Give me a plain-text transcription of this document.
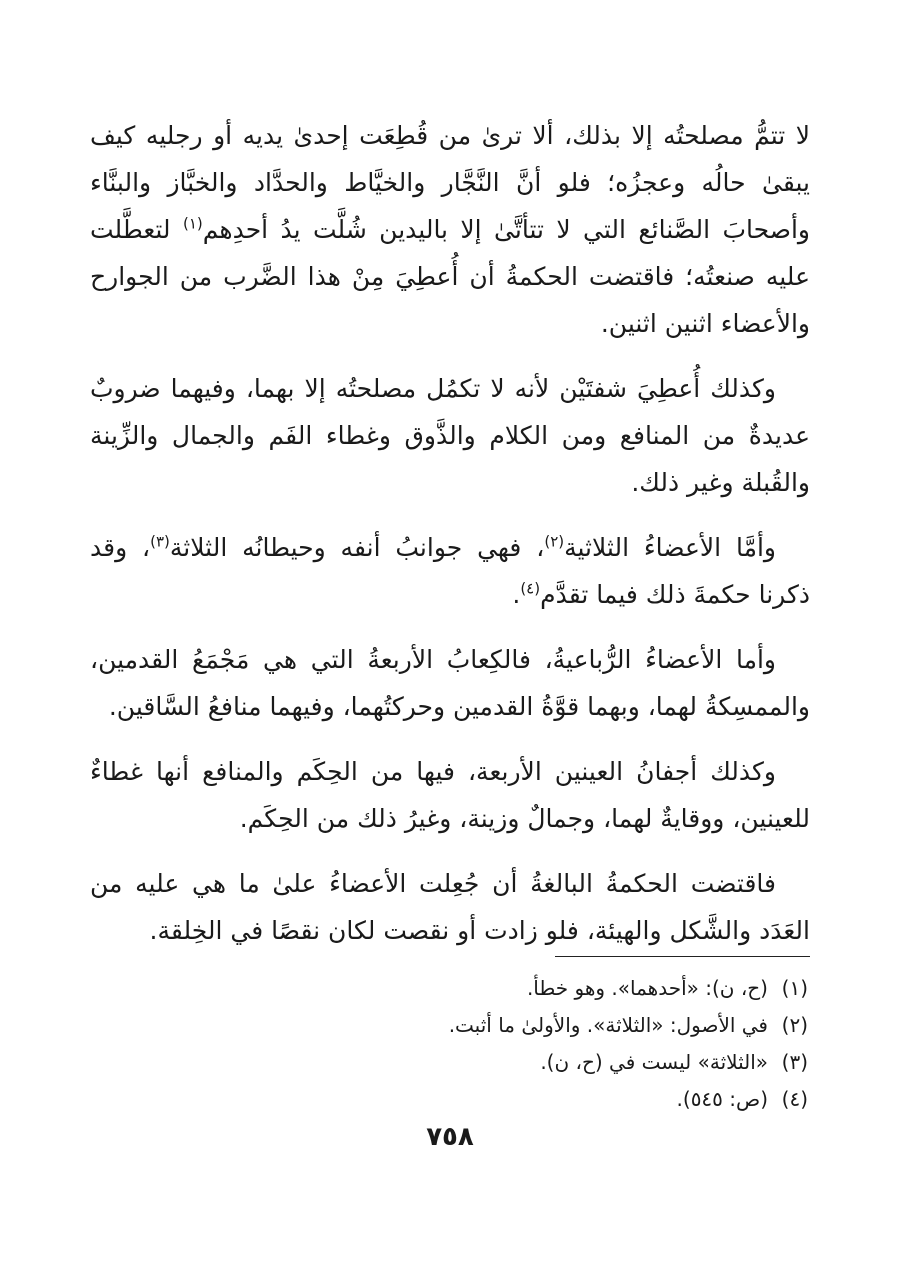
لا تتمُّ مصلحتُه إلا بذلك، ألا ترىٰ من قُطِعَت إحدىٰ يديه أو رجليه كيف يبقىٰ حالُه وعجزُه؛ فلو أنَّ النَّجَّار والخيَّاط والحدَّاد والخبَّاز والبنَّاء وأصحابَ الصَّنائع التي لا تتأتَّىٰ إلا باليدين شُلَّت يدُ أحدِهم$^{(١)}$ لتعطَّلت عليه صنعتُه؛ فاقتضت الحكمةُ أن أُعطِيَ مِنْ هذا الضَّرب من الجوارح والأعضاء اثنين اثنين.

وكذلك أُعطِيَ شفتَيْن لأنه لا تكمُل مصلحتُه إلا بهما، وفيهما ضروبٌ عديدةٌ من المنافع ومن الكلام والذَّوق وغطاء الفَم والجمال والزِّينة والقُبلة وغير ذلك.

وأمَّا الأعضاءُ الثلاثية$^{(٢)}$، فهي جوانبُ أنفه وحيطانُه الثلاثة$^{(٣)}$، وقد ذكرنا حكمةَ ذلك فيما تقدَّم$^{(٤)}$.

وأما الأعضاءُ الرُّباعيةُ، فالكِعابُ الأربعةُ التي هي مَجْمَعُ القدمين، والممسِكةُ لهما، وبهما قوَّةُ القدمين وحركتُهما، وفيهما منافعُ السَّاقين.

وكذلك أجفانُ العينين الأربعة، فيها من الحِكَم والمنافع أنها غطاءٌ للعينين، ووقايةٌ لهما، وجمالٌ وزينة، وغيرُ ذلك من الحِكَم.

فاقتضت الحكمةُ البالغةُ أن جُعِلت الأعضاءُ علىٰ ما هي عليه من العَدَد والشَّكل والهيئة، فلو زادت أو نقصت لكان نقصًا في الخِلقة.

(١)(ح، ن): «أحدهما». وهو خطأ.
(٢)في الأصول: «الثلاثة». والأولىٰ ما أثبت.
(٣)«الثلاثة» ليست في (ح، ن).
(٤)(ص: ٥٤٥).
٧٥٨
